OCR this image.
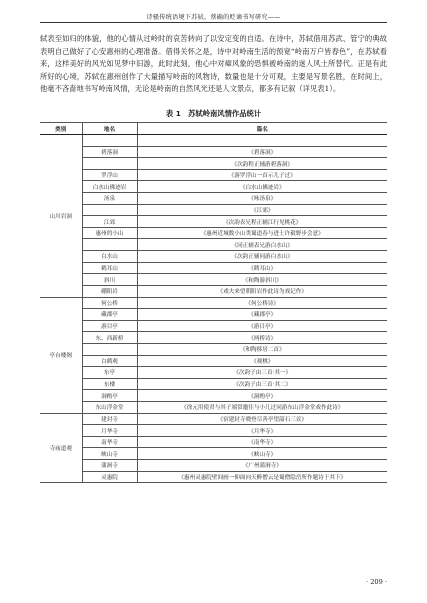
诗骚传统语境下苏轼、蔡确的贬谪书写研究——

轼表至如归的体貌，他的心情从过岭时的哀苦转向了以安定变的自适。在诗中，苏轼借用苏武、管宁的典故表明自己做好了心安惠州的心理准备。借得关怀之是，诗中对岭南生活的预宽“岭南万户皆春色”，在苏轼看来，这样美好的风光如见梦中旧游，此时此刻，他心中对瘴风象的恐惧被岭南的迷人风土所替代。正是有此所好的心境，苏轼在惠州创作了大量描写岭南的风物诗，数量也是十分可观，主要是写景名胜，在时间上，他毫不吝啬地书写岭南风情，无论是岭南的自然风光还是人文景点，都多有记叙（详见表1）。

表 1　苏轼岭南风情作品统计
类别	地名	篇名
山川岩洞		
	碧落洞	《碧落洞》
		《次韵程正辅游碧落洞》
	罗浮山	《游罗浮山一首示儿子过》
	白水山佛迹岩	《白水山佛迹岩》
	汤泉	《咏汤泉》
		《江郊》
	江郊	《次韵表兄程正辅江行见桃花》
	惠州的小山	《惠州近城数小山类蜀道春与进士许毅野步会意》
		《同正辅表兄游白水山》
	白水山	《次韵正辅同游白水山》
	鹤耳山	《鹤耳山》
	斜川	《和陶游斜川》
	硼阳岩	《戏夫来望朝阳岩作此诗为戏记作》
亭台楼阁	何公桥	《何公桥诗》
	藏郡亭	《藏郡亭》
	游目亭	《游目亭》
	东、西新桥	《两桥诗》
		《和陶移居二首》
	白鹤观	《观棋》
	东亭	《次韵子由三首·其一》
	东楼	《次韵子由三首·其二》
	洞酌亭	《洞酌亭》
	东山浮金堂	《徐元用使君与其子端常邀往与小儿过同游东山浮金堂戏作此诗》
寺庙道观	建封寺	《宿建封寺晓登尽善亭望韶石三首》
	月华寺	《月华寺》
	南华寺	《南华寺》
	峡山寺	《峡山寺》
	蒲涧寺	《广州蒲涧寺》
	灵惠院	《惠州灵惠院壁间画一仰面向天醉僧云是蜀僧隐峦所作题诗于其下》
· 209 ·
